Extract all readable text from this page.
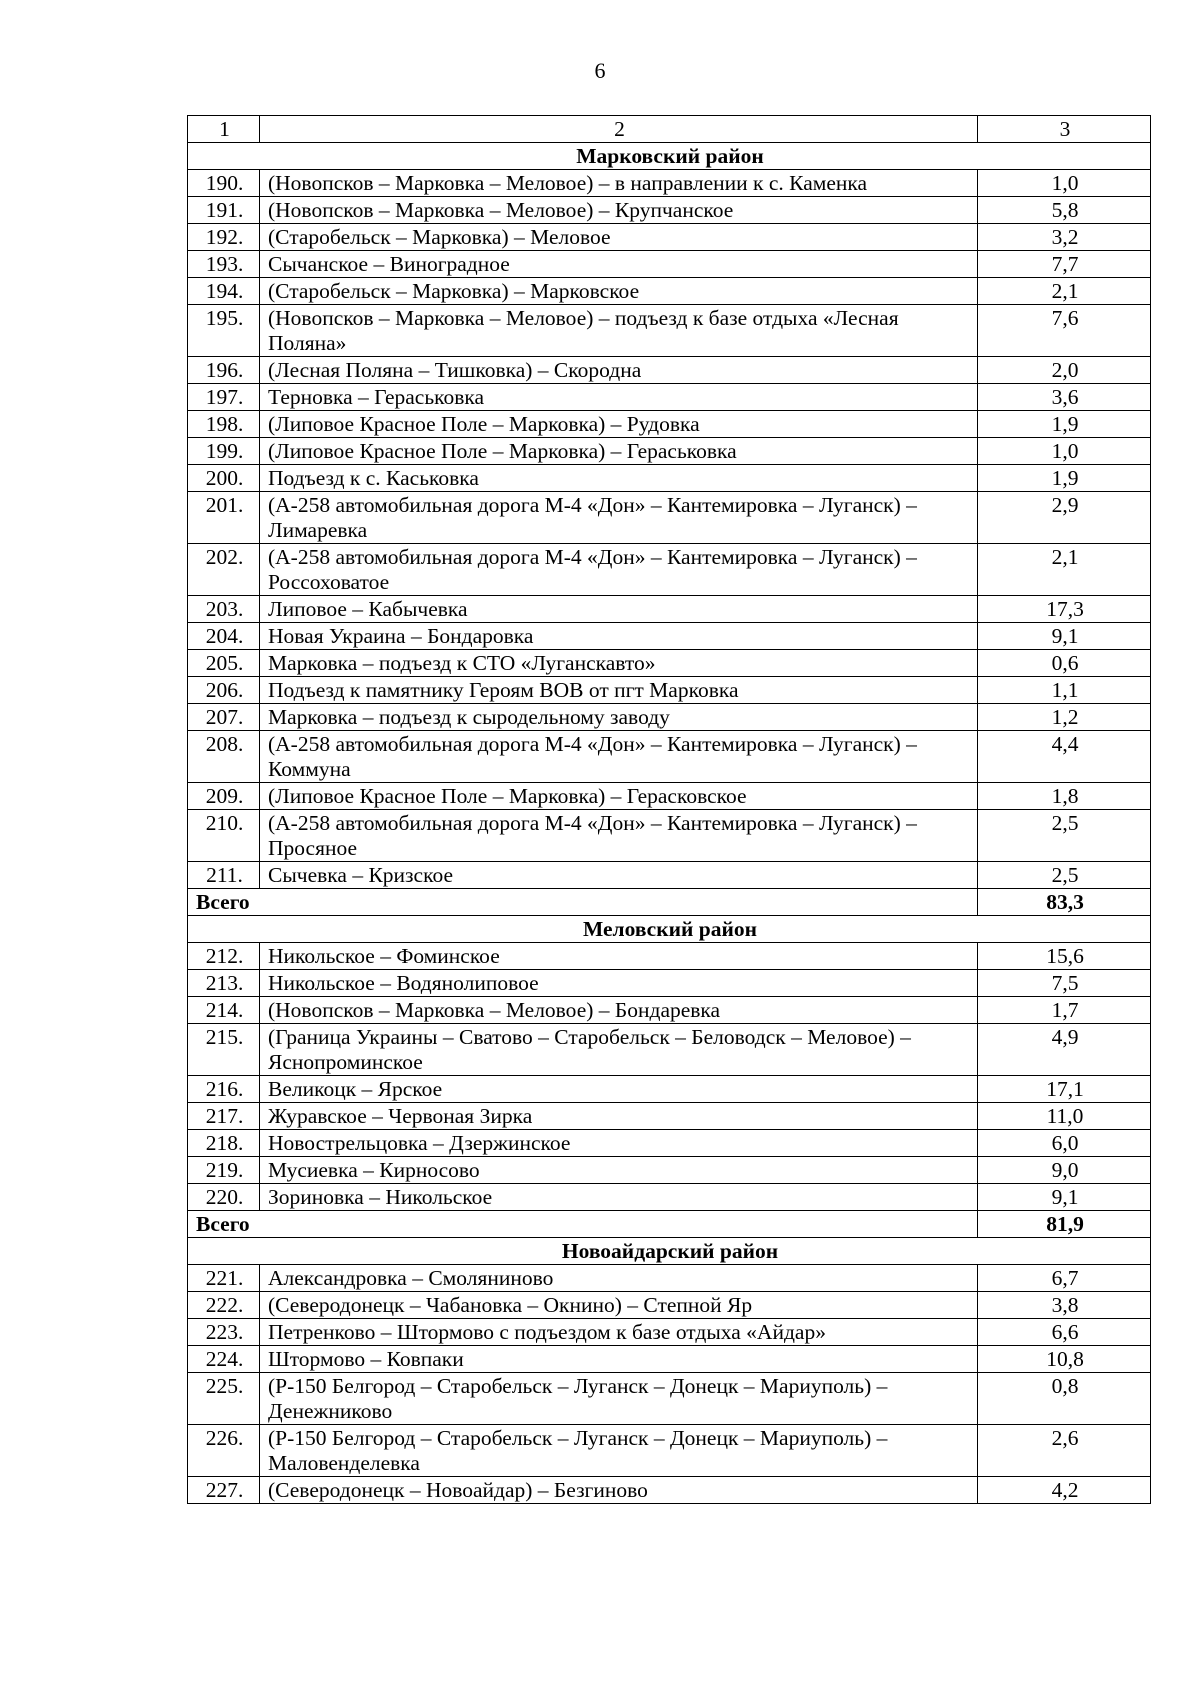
6
1	2	3
Марковский район		
190.	(Новопсков – Марковка – Меловое) – в направлении к с. Каменка	1,0
191.	(Новопсков – Марковка – Меловое) – Крупчанское	5,8
192.	(Старобельск – Марковка) – Меловое	3,2
193.	Сычанское – Виноградное	7,7
194.	(Старобельск – Марковка) – Марковское	2,1
195.	(Новопсков – Марковка – Меловое) – подъезд к базе отдыха «Лесная Поляна»	7,6
196.	(Лесная Поляна – Тишковка) – Скородна	2,0
197.	Терновка – Гераськовка	3,6
198.	(Липовое Красное Поле – Марковка) – Рудовка	1,9
199.	(Липовое Красное Поле – Марковка) – Гераськовка	1,0
200.	Подъезд к с. Каськовка	1,9
201.	(А-258 автомобильная дорога М-4 «Дон» – Кантемировка – Луганск) – Лимаревка	2,9
202.	(А-258 автомобильная дорога М-4 «Дон» – Кантемировка – Луганск) – Россоховатое	2,1
203.	Липовое – Кабычевка	17,3
204.	Новая Украина – Бондаровка	9,1
205.	Марковка – подъезд к СТО «Луганскавто»	0,6
206.	Подъезд к памятнику Героям ВОВ от пгт Марковка	1,1
207.	Марковка – подъезд к сыродельному заводу	1,2
208.	(А-258 автомобильная дорога М-4 «Дон» – Кантемировка – Луганск) – Коммуна	4,4
209.	(Липовое Красное Поле – Марковка) – Герасковское	1,8
210.	(А-258 автомобильная дорога М-4 «Дон» – Кантемировка – Луганск) – Просяное	2,5
211.	Сычевка – Кризское	2,5
Всего		83,3
Меловский район		
212.	Никольское – Фоминское	15,6
213.	Никольское – Водянолиповое	7,5
214.	(Новопсков – Марковка – Меловое) – Бондаревка	1,7
215.	(Граница Украины – Сватово – Старобельск – Беловодск – Меловое) – Яснопроминское	4,9
216.	Великоцк – Ярское	17,1
217.	Журавское – Червоная Зирка	11,0
218.	Новострельцовка – Дзержинское	6,0
219.	Мусиевка – Кирносово	9,0
220.	Зориновка – Никольское	9,1
Всего		81,9
Новоайдарский район		
221.	Александровка – Смоляниново	6,7
222.	(Северодонецк – Чабановка – Окнино) – Степной Яр	3,8
223.	Петренково – Штормово с подъездом к базе отдыха «Айдар»	6,6
224.	Штормово – Ковпаки	10,8
225.	(Р-150 Белгород – Старобельск – Луганск – Донецк – Мариуполь) – Денежниково	0,8
226.	(Р-150 Белгород – Старобельск – Луганск – Донецк – Мариуполь) – Маловенделевка	2,6
227.	(Северодонецк – Новоайдар) – Безгиново	4,2
